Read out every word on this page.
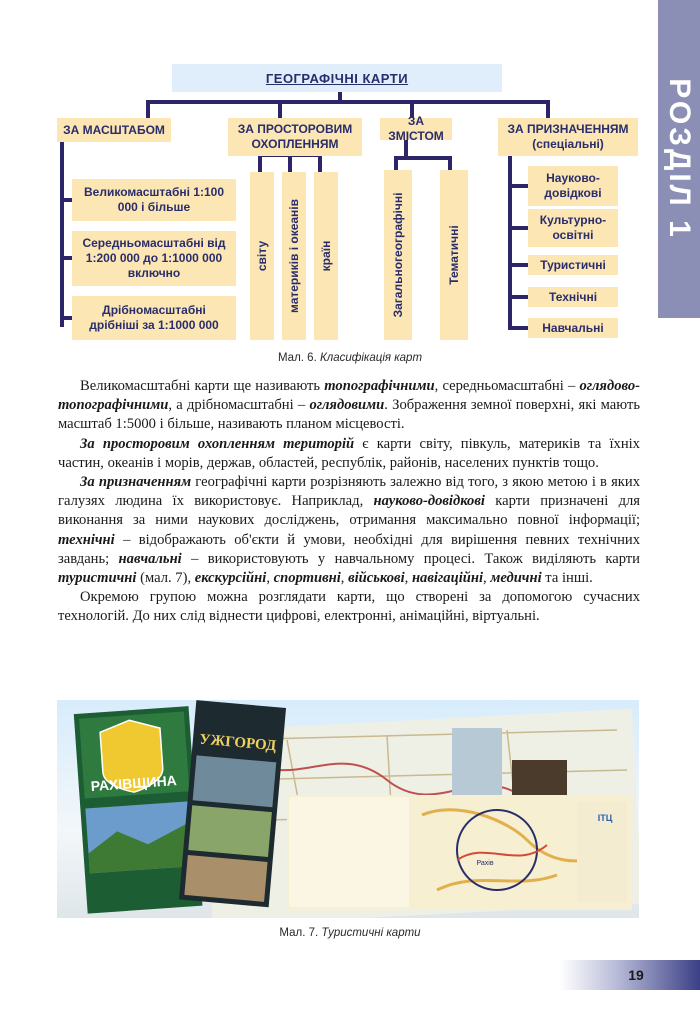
РОЗДІЛ 1
ГЕОГРАФІЧНІ КАРТИ
ЗА МАСШТАБОМ	ЗА ПРОСТОРОВИМ ОХОПЛЕННЯМ
ЗА ЗМІСТОМ	ЗА ПРИЗНАЧЕННЯМ (спеціальні)
Великомасштабні 1:100 000 і більше
Середньомасштабні від 1:200 000 до 1:1000 000 включно
Дрібномасштабні дрібніші за 1:1000 000
світу материків і океанів країн	Загальногеографічні	Тематичні
Науково-довідкові
Культурно-освітні
Туристичні
Технічні
Навчальні
Мал. 6. Класифікація карт

Великомасштабні карти ще називають топографічними, середньомасштабні – оглядово-топографічними, а дрібномасштабні – оглядовими. Зображення земної поверхні, які мають масштаб 1:5000 і більше, називають планом місцевості.

За просторовим охопленням територій є карти світу, півкуль, материків та їхніх частин, океанів і морів, держав, областей, республік, районів, населених пунктів тощо.

За призначенням географічні карти розрізняють залежно від того, з якою метою і в яких галузях людина їх використовує. Наприклад, науково-довідкові карти призначені для виконання за ними наукових досліджень, отримання максимально повної інформації; технічні – відображають об'єкти й умови, необхідні для вирішення певних технічних завдань; навчальні – використовують у навчальному процесі. Також виділяють карти туристичні (мал. 7), екскурсійні, спортивні, військові, навігаційні, медичні та інші.

Окремою групою можна розглядати карти, що створені за допомогою сучасних технологій. До них слід віднести цифрові, електронні, анімаційні, віртуальні.

РАХІВЩИНА
УЖГОРОД
Рахів
ІТЦ
Мал. 7. Туристичні карти
19
